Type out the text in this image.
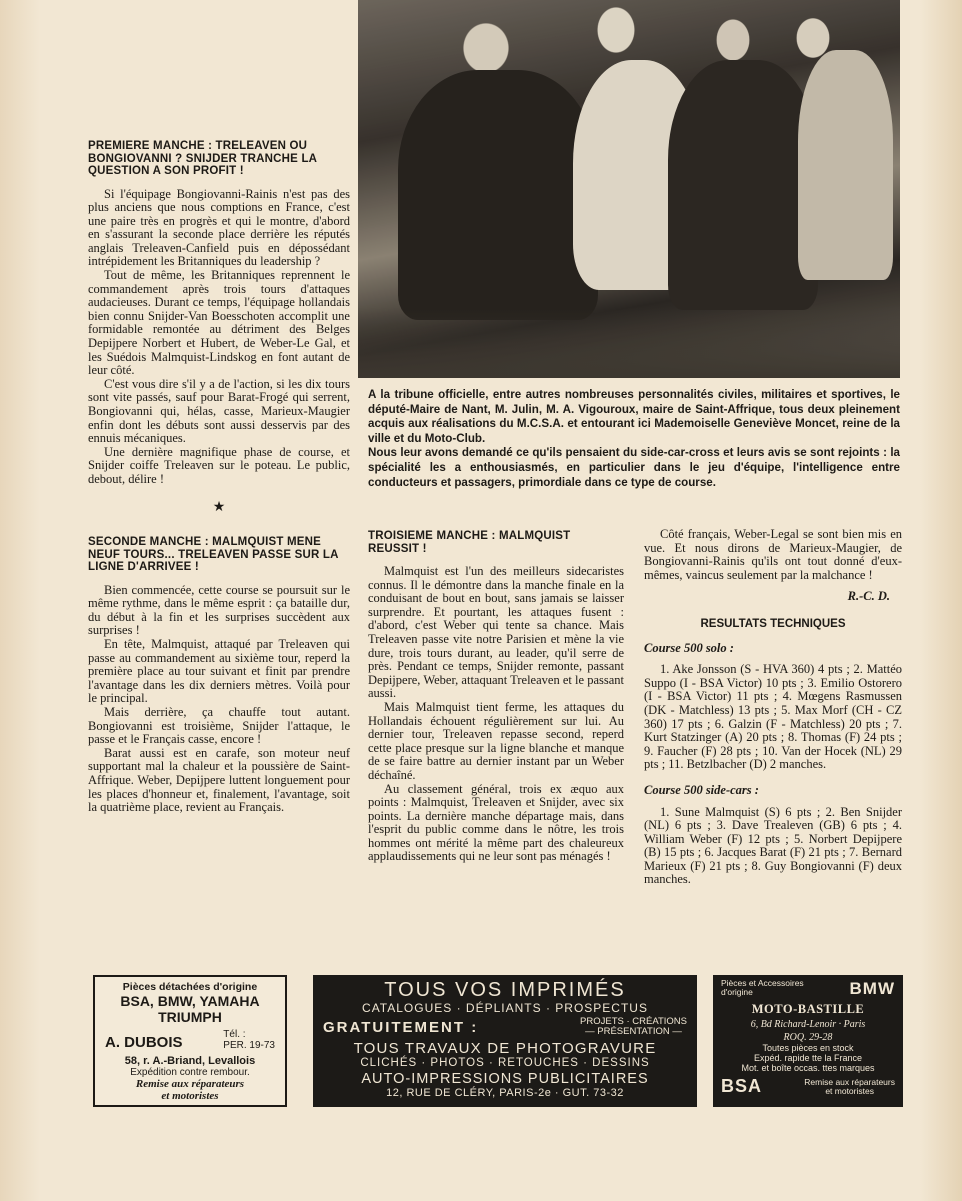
A la tribune officielle, entre autres nombreuses personnalités civiles, militaires et sportives, le député-Maire de Nant, M. Julin, M. A. Vigouroux, maire de Saint-Affrique, tous deux pleinement acquis aux réalisations du M.C.S.A. et entourant ici Mademoiselle Geneviève Moncet, reine de la ville et du Moto-Club.

Nous leur avons demandé ce qu'ils pensaient du side-car-cross et leurs avis se sont rejoints : la spécialité les a enthousiasmés, en particulier dans le jeu d'équipe, l'intelligence entre conducteurs et passagers, primordiale dans ce type de course.

PREMIERE MANCHE : TRELEAVEN OU BONGIOVANNI ? SNIJDER TRANCHE LA QUESTION A SON PROFIT !

Si l'équipage Bongiovanni-Rainis n'est pas des plus anciens que nous comptions en France, c'est une paire très en progrès et qui le montre, d'abord en s'assurant la seconde place derrière les réputés anglais Treleaven-Canfield puis en dépossédant intrépidement les Britanniques du leadership ?

Tout de même, les Britanniques reprennent le commandement après trois tours d'attaques audacieuses. Durant ce temps, l'équipage hollandais bien connu Snijder-Van Boesschoten accomplit une formidable remontée au détriment des Belges Depijpere Norbert et Hubert, de Weber-Le Gal, et les Suédois Malmquist-Lindskog en font autant de leur côté.

C'est vous dire s'il y a de l'action, si les dix tours sont vite passés, sauf pour Barat-Frogé qui serrent, Bongiovanni qui, hélas, casse, Marieux-Maugier enfin dont les débuts sont aussi desservis par des ennuis mécaniques.

Une dernière magnifique phase de course, et Snijder coiffe Treleaven sur le poteau. Le public, debout, délire !

★
SECONDE MANCHE : MALMQUIST MENE NEUF TOURS... TRELEAVEN PASSE SUR LA LIGNE D'ARRIVEE !

Bien commencée, cette course se poursuit sur le même rythme, dans le même esprit : ça bataille dur, du début à la fin et les surprises succèdent aux surprises !

En tête, Malmquist, attaqué par Treleaven qui passe au commandement au sixième tour, reperd la première place au tour suivant et finit par prendre l'avantage dans les dix derniers mètres. Voilà pour le principal.

Mais derrière, ça chauffe tout autant. Bongiovanni est troisième, Snijder l'attaque, le passe et le Français casse, encore !

Barat aussi est en carafe, son moteur neuf supportant mal la chaleur et la poussière de Saint-Affrique. Weber, Depijpere luttent longuement pour les places d'honneur et, finalement, l'avantage, soit la quatrième place, revient au Français.

TROISIEME MANCHE : MALMQUIST REUSSIT !

Malmquist est l'un des meilleurs sidecaristes connus. Il le démontre dans la manche finale en la conduisant de bout en bout, sans jamais se laisser surprendre. Et pourtant, les attaques fusent : d'abord, c'est Weber qui tente sa chance. Mais Treleaven passe vite notre Parisien et mène la vie dure, trois tours durant, au leader, qu'il serre de près. Pendant ce temps, Snijder remonte, passant Depijpere, Weber, attaquant Treleaven et le passant aussi.

Mais Malmquist tient ferme, les attaques du Hollandais échouent régulièrement sur lui. Au dernier tour, Treleaven repasse second, reperd cette place presque sur la ligne blanche et manque de se faire battre au dernier instant par un Weber déchaîné.

Au classement général, trois ex æquo aux points : Malmquist, Treleaven et Snijder, avec six points. La dernière manche départage mais, dans l'esprit du public comme dans le nôtre, les trois hommes ont mérité la même part des chaleureux applaudissements qui ne leur sont pas ménagés !

Côté français, Weber-Legal se sont bien mis en vue. Et nous dirons de Marieux-Maugier, de Bongiovanni-Rainis qu'ils ont tout donné d'eux-mêmes, vaincus seulement par la malchance !

R.-C. D.
RESULTATS TECHNIQUES
Course 500 solo :

1. Ake Jonsson (S - HVA 360) 4 pts ; 2. Mattéo Suppo (I - BSA Victor) 10 pts ; 3. Emilio Ostorero (I - BSA Victor) 11 pts ; 4. Mœgens Rasmussen (DK - Matchless) 13 pts ; 5. Max Morf (CH - CZ 360) 17 pts ; 6. Galzin (F - Matchless) 20 pts ; 7. Kurt Statzinger (A) 20 pts ; 8. Thomas (F) 24 pts ; 9. Faucher (F) 28 pts ; 10. Van der Hocek (NL) 29 pts ; 11. Betzlbacher (D) 2 manches.

Course 500 side-cars :

1. Sune Malmquist (S) 6 pts ; 2. Ben Snijder (NL) 6 pts ; 3. Dave Trealeven (GB) 6 pts ; 4. William Weber (F) 12 pts ; 5. Norbert Depijpere (B) 15 pts ; 6. Jacques Barat (F) 21 pts ; 7. Bernard Marieux (F) 21 pts ; 8. Guy Bongiovanni (F) deux manches.

Pièces détachées d'origine
BSA, BMW, YAMAHA
TRIUMPH
A. DUBOIS	Tél. :
PER. 19-73
58, r. A.-Briand, Levallois
Expédition contre rembour.
Remise aux réparateurs
et motoristes
TOUS VOS IMPRIMÉS
CATALOGUES · DÉPLIANTS · PROSPECTUS
GRATUITEMENT :	PROJETS · CRÉATIONS
— PRÉSENTATION —
TOUS TRAVAUX DE PHOTOGRAVURE
CLICHÉS · PHOTOS · RETOUCHES · DESSINS
AUTO-IMPRESSIONS PUBLICITAIRES
12, RUE DE CLÉRY, PARIS-2e · GUT. 73-32
Pièces et Accessoires
d'origine	BMW
MOTO-BASTILLE
6, Bd Richard-Lenoir · Paris
ROQ. 29-28
Toutes pièces en stock
Expéd. rapide tte la France
Mot. et boîte occas. ttes marques
BSA	Remise aux réparateurs
et motoristes
